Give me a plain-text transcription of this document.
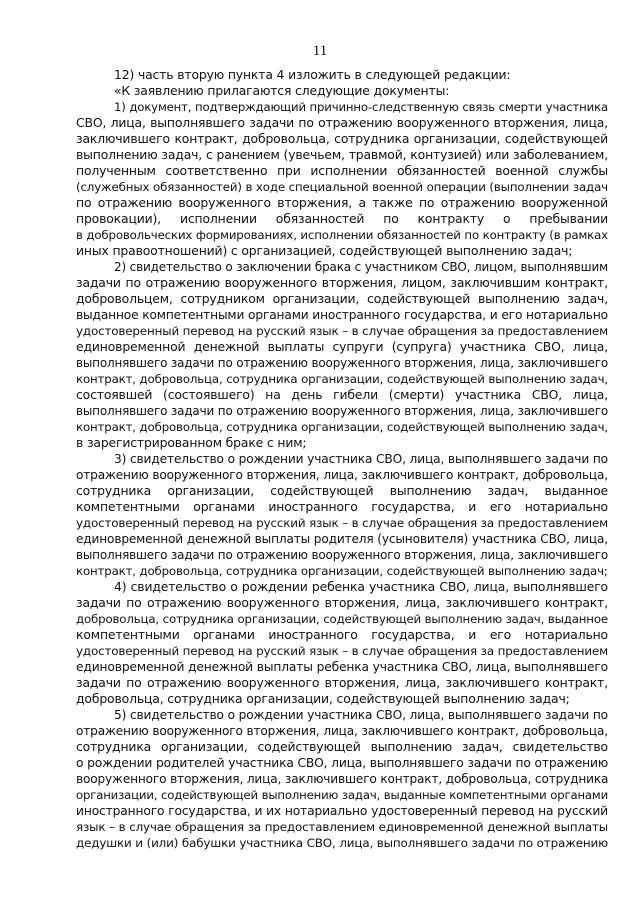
11
12) часть вторую пункта 4 изложить в следующей редакции:
«К заявлению прилагаются следующие документы:
1) документ, подтверждающий причинно-следственную связь смерти участника
СВО, лица, выполнявшего задачи по отражению вооруженного вторжения, лица,
заключившего контракт, добровольца, сотрудника организации, содействующей
выполнению задач, с ранением (увечьем, травмой, контузией) или заболеванием,
полученным соответственно при исполнении обязанностей военной службы
(служебных обязанностей) в ходе специальной военной операции (выполнении задач
по отражению вооруженного вторжения, а также по отражению вооруженной
провокации), исполнении обязанностей по контракту о пребывании
в добровольческих формированиях, исполнении обязанностей по контракту (в рамках
иных правоотношений) с организацией, содействующей выполнению задач;
2) свидетельство о заключении брака с участником СВО, лицом, выполнявшим
задачи по отражению вооруженного вторжения, лицом, заключившим контракт,
добровольцем, сотрудником организации, содействующей выполнению задач,
выданное компетентными органами иностранного государства, и его нотариально
удостоверенный перевод на русский язык – в случае обращения за предоставлением
единовременной денежной выплаты супруги (супруга) участника СВО, лица,
выполнявшего задачи по отражению вооруженного вторжения, лица, заключившего
контракт, добровольца, сотрудника организации, содействующей выполнению задач,
состоявшей (состоявшего) на день гибели (смерти) участника СВО, лица,
выполнявшего задачи по отражению вооруженного вторжения, лица, заключившего
контракт, добровольца, сотрудника организации, содействующей выполнению задач,
в зарегистрированном браке с ним;
3) свидетельство о рождении участника СВО, лица, выполнявшего задачи по
отражению вооруженного вторжения, лица, заключившего контракт, добровольца,
сотрудника организации, содействующей выполнению задач, выданное
компетентными органами иностранного государства, и его нотариально
удостоверенный перевод на русский язык – в случае обращения за предоставлением
единовременной денежной выплаты родителя (усыновителя) участника СВО, лица,
выполнявшего задачи по отражению вооруженного вторжения, лица, заключившего
контракт, добровольца, сотрудника организации, содействующей выполнению задач;
4) свидетельство о рождении ребенка участника СВО, лица, выполнявшего
задачи по отражению вооруженного вторжения, лица, заключившего контракт,
добровольца, сотрудника организации, содействующей выполнению задач, выданное
компетентными органами иностранного государства, и его нотариально
удостоверенный перевод на русский язык – в случае обращения за предоставлением
единовременной денежной выплаты ребенка участника СВО, лица, выполнявшего
задачи по отражению вооруженного вторжения, лица, заключившего контракт,
добровольца, сотрудника организации, содействующей выполнению задач;
5) свидетельство о рождении участника СВО, лица, выполнявшего задачи по
отражению вооруженного вторжения, лица, заключившего контракт, добровольца,
сотрудника организации, содействующей выполнению задач, свидетельство
о рождении родителей участника СВО, лица, выполнявшего задачи по отражению
вооруженного вторжения, лица, заключившего контракт, добровольца, сотрудника
организации, содействующей выполнению задач, выданные компетентными органами
иностранного государства, и их нотариально удостоверенный перевод на русский
язык – в случае обращения за предоставлением единовременной денежной выплаты
дедушки и (или) бабушки участника СВО, лица, выполнявшего задачи по отражению
